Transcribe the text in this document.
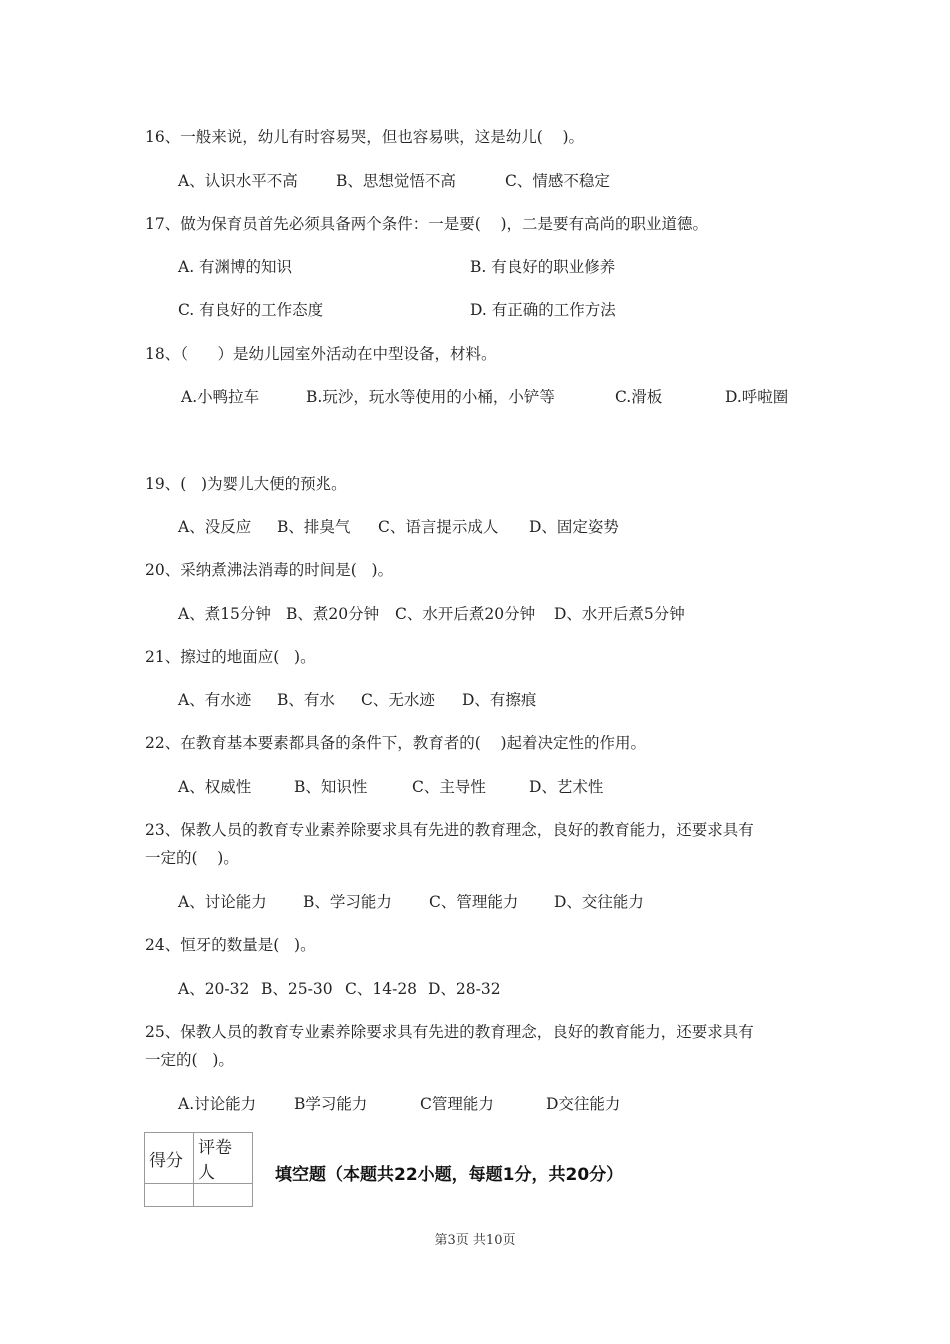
16、一般来说，幼儿有时容易哭，但也容易哄，这是幼儿(    )。
A、认识水平不高 B、思想觉悟不高	C、情感不稳定
17、做为保育员首先必须具备两个条件：一是要(    )，二是要有高尚的职业道德。
A. 有渊博的知识	B. 有良好的职业修养
C. 有良好的工作态度	D. 有正确的工作方法
18、（      ）是幼儿园室外活动在中型设备，材料。
A.小鸭拉车	B.玩沙，玩水等使用的小桶，小铲等	C.滑板	D.呼啦圈
19、(   )为婴儿大便的预兆。
A、没反应 B、排臭气 C、语言提示成人 D、固定姿势
20、采纳煮沸法消毒的时间是(   )。
A、煮15分钟 B、煮20分钟 C、水开后煮20分钟 D、水开后煮5分钟
21、擦过的地面应(   )。
A、有水迹 B、有水 C、无水迹 D、有擦痕
22、在教育基本要素都具备的条件下，教育者的(    )起着决定性的作用。
A、权威性	B、知识性	C、主导性	D、艺术性
23、保教人员的教育专业素养除要求具有先进的教育理念，良好的教育能力，还要求具有
一定的(    )。
A、讨论能力 B、学习能力 C、管理能力 D、交往能力
24、恒牙的数量是(   )。
A、20-32 B、25-30 C、14-28 D、28-32
25、保教人员的教育专业素养除要求具有先进的教育理念，良好的教育能力，还要求具有
一定的(   )。
A.讨论能力 B学习能力	C管理能力	D交往能力
得分	评卷人
		填空题（本题共22小题，每题1分，共20分）
第3页 共10页
